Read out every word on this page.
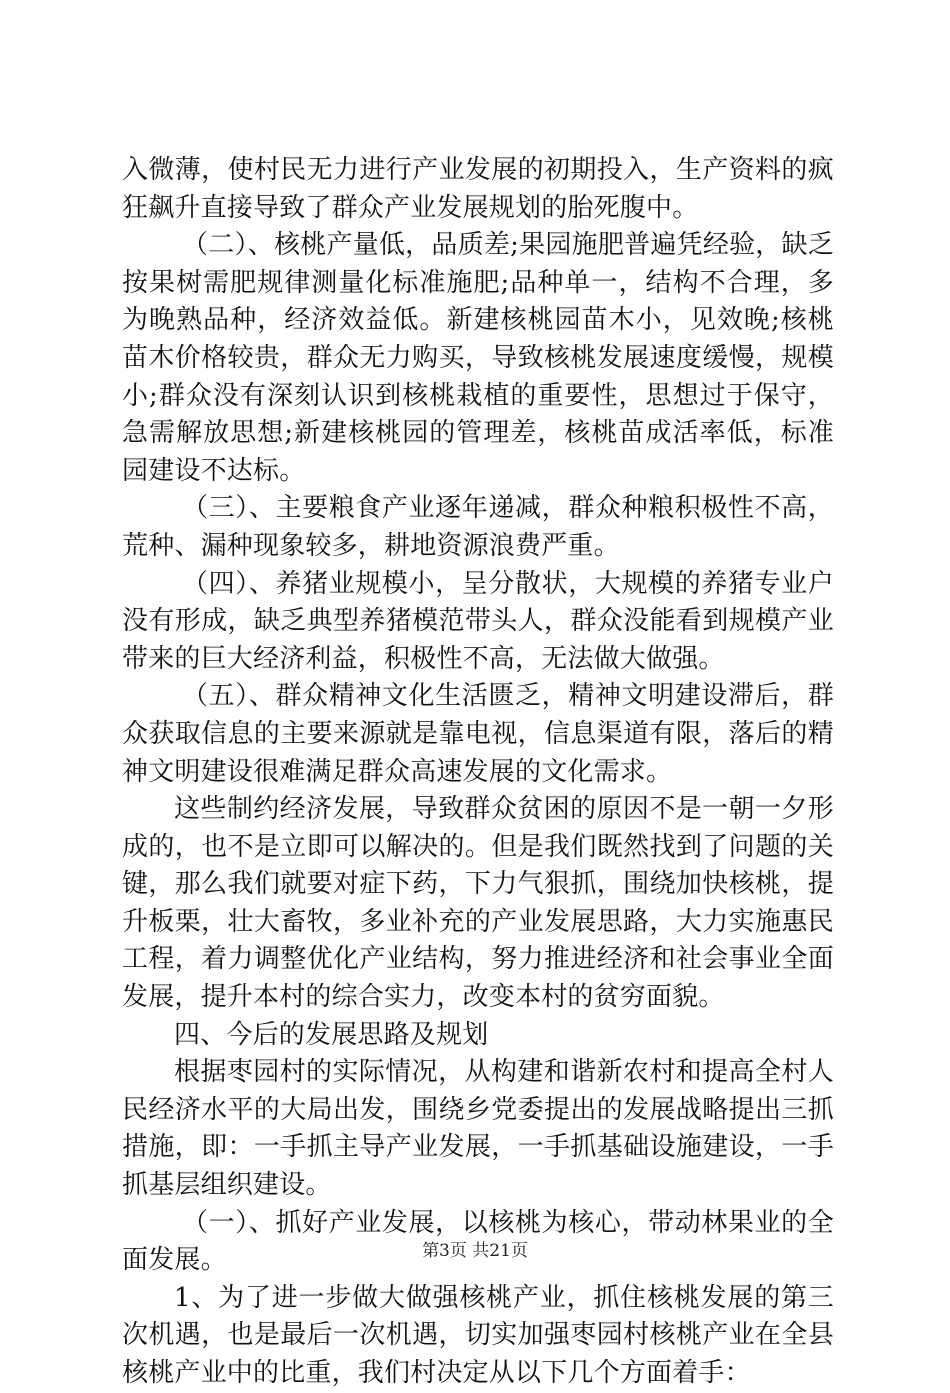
入微薄，使村民无力进行产业发展的初期投入，生产资料的疯狂飙升直接导致了群众产业发展规划的胎死腹中。

（二）、核桃产量低，品质差;果园施肥普遍凭经验，缺乏按果树需肥规律测量化标准施肥;品种单一，结构不合理，多为晚熟品种，经济效益低。新建核桃园苗木小，见效晚;核桃苗木价格较贵，群众无力购买，导致核桃发展速度缓慢，规模小;群众没有深刻认识到核桃栽植的重要性，思想过于保守，急需解放思想;新建核桃园的管理差，核桃苗成活率低，标准园建设不达标。

（三）、主要粮食产业逐年递减，群众种粮积极性不高，荒种、漏种现象较多，耕地资源浪费严重。

（四）、养猪业规模小，呈分散状，大规模的养猪专业户没有形成，缺乏典型养猪模范带头人，群众没能看到规模产业带来的巨大经济利益，积极性不高，无法做大做强。

（五）、群众精神文化生活匮乏，精神文明建设滞后，群众获取信息的主要来源就是靠电视，信息渠道有限，落后的精神文明建设很难满足群众高速发展的文化需求。

这些制约经济发展，导致群众贫困的原因不是一朝一夕形成的，也不是立即可以解决的。但是我们既然找到了问题的关键，那么我们就要对症下药，下力气狠抓，围绕加快核桃，提升板栗，壮大畜牧，多业补充的产业发展思路，大力实施惠民工程，着力调整优化产业结构，努力推进经济和社会事业全面发展，提升本村的综合实力，改变本村的贫穷面貌。

四、今后的发展思路及规划

根据枣园村的实际情况，从构建和谐新农村和提高全村人民经济水平的大局出发，围绕乡党委提出的发展战略提出三抓措施，即：一手抓主导产业发展，一手抓基础设施建设，一手抓基层组织建设。

（一）、抓好产业发展，以核桃为核心，带动林果业的全面发展。

1、为了进一步做大做强核桃产业，抓住核桃发展的第三次机遇，也是最后一次机遇，切实加强枣园村核桃产业在全县核桃产业中的比重，我们村决定从以下几个方面着手：

第3页 共21页
